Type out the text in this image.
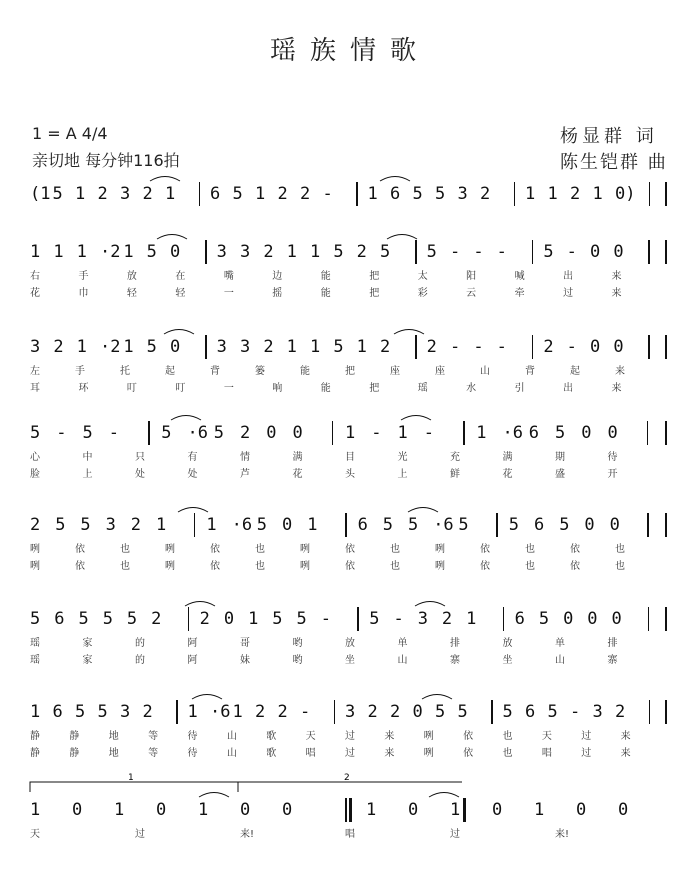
瑶族情歌
1 = A 4/4
亲切地 每分钟116拍
杨显群 词
陈生铠群 曲
(1 5 1 2 3 2 1 6 5 1 2 2 - 1 6 5 5 3 2 1 1 2 1 0)
1 1 1 ·2 1 5 0 3 3 2 1 1 5 2 5 5 - - - 5 - 0 0
右	手	放	在	嘴	边	能	把	太	阳	喊	出	来
花	巾	轻	轻	一	摇	能	把	彩	云	牵	过	来
3 2 1 ·2 1 5 0 3 3 2 1 1 5 1 2 2 - - - 2 - 0 0
左	手	托	起	背	篓	能	把	座	座	山	背	起	来
耳	环	叮	叮	一	响	能	把	瑶	水	引	出	来
5 - 5 - 5 ·6 5 2 0 0 1 - 1 - 1 ·6 6 5 0 0
心	中	只	有	情	满	目	光	充	满	期	待
脸	上	处	处	芦	花	头	上	鲜	花	盛	开
2 5 5 3 2 1 1 ·6 5 0 1 6 5 5 ·6 5 5 6 5 0 0
咧	依	也	咧	依	也	咧	依	也	咧	依	也	依	也
咧	依	也	咧	依	也	咧	依	也	咧	依	也	依	也
5 6 5 5 5 2 2 0 1 5 5 - 5 - 3 2 1 6 5 0 0 0
瑶	家	的	阿	哥	哟	放	单	排	放	单	排
瑶	家	的	阿	妹	哟	坐	山	寨	坐	山	寨
1 6 5 5 3 2 1 ·6 1 2 2 - 3 2 2 0 5 5 5 6 5 - 3 2
静	静	地	等	待	山	歌	天	过	来	咧	依	也	天	过	来
静	静	地	等	待	山	歌	唱	过	来	咧	依	也	唱	过	来
1 0 1 0 1 0 0	1 0 1 0 1 0 0
天	过	来!	唱	过	来!
1	2
